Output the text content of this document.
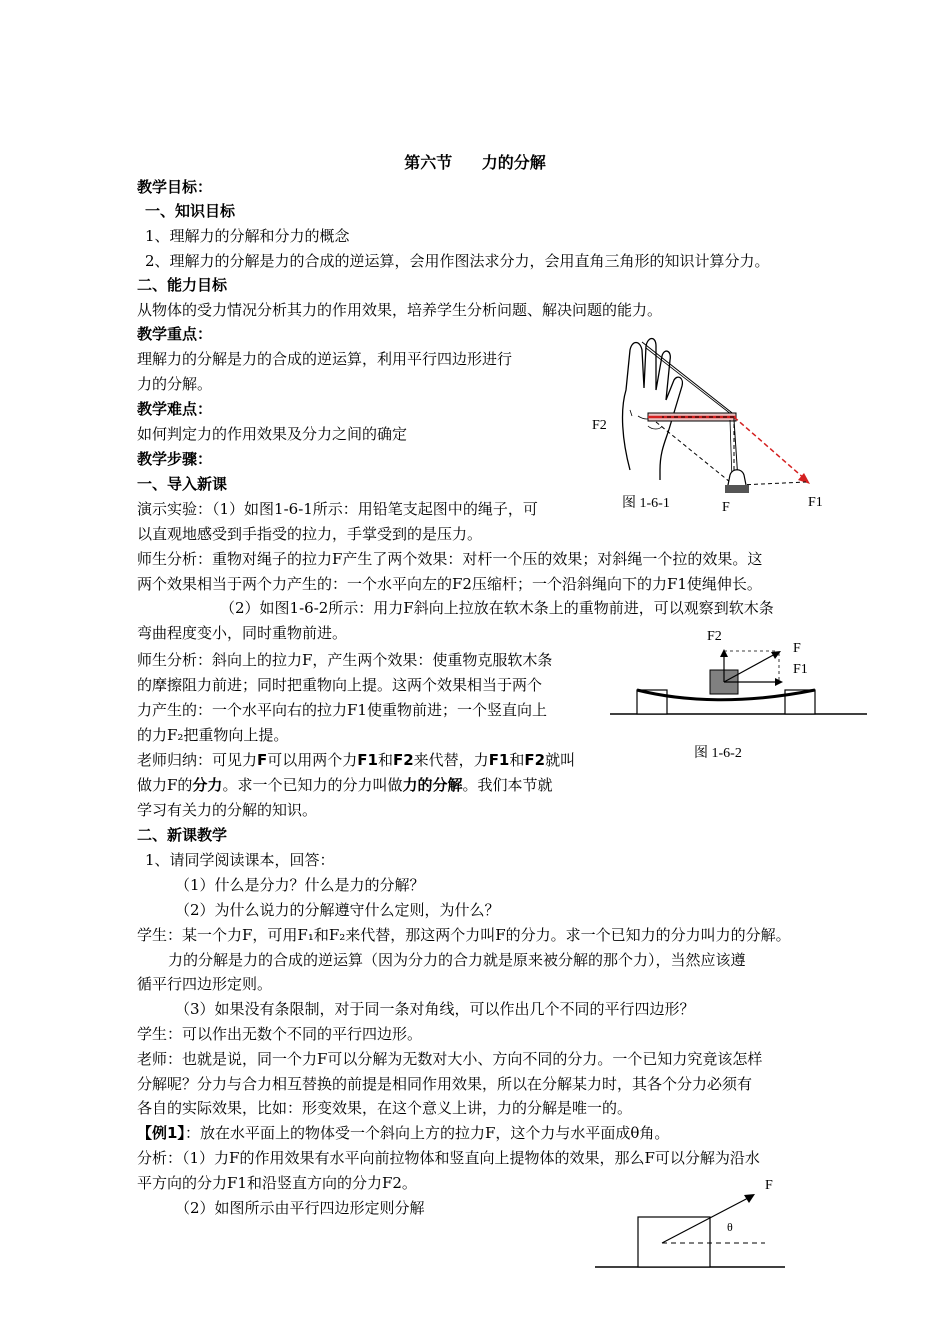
第六节 力的分解
教学目标：
一、知识目标
1、理解力的分解和分力的概念
2、理解力的分解是力的合成的逆运算，会用作图法求分力，会用直角三角形的知识计算分力。
二、能力目标
从物体的受力情况分析其力的作用效果，培养学生分析问题、解决问题的能力。
教学重点：
理解力的分解是力的合成的逆运算，利用平行四边形进行
力的分解。
教学难点：
如何判定力的作用效果及分力之间的确定
教学步骤：
一、导入新课
演示实验：（1）如图1-6-1所示：用铅笔支起图中的绳子，可
以直观地感受到手指受的拉力，手掌受到的是压力。
师生分析：重物对绳子的拉力F产生了两个效果：对杆一个压的效果；对斜绳一个拉的效果。这
两个效果相当于两个力产生的：一个水平向左的F2压缩杆；一个沿斜绳向下的力F1使绳伸长。
（2）如图1-6-2所示：用力F斜向上拉放在软木条上的重物前进，可以观察到软木条
弯曲程度变小，同时重物前进。
师生分析：斜向上的拉力F，产生两个效果：使重物克服软木条
的摩擦阻力前进；同时把重物向上提。这两个效果相当于两个
力产生的：一个水平向右的拉力F1使重物前进；一个竖直向上
的力F₂把重物向上提。
老师归纳：可见力F可以用两个力F1和F2来代替，力F1和F2就叫
做力F的分力。求一个已知力的分力叫做力的分解。我们本节就
学习有关力的分解的知识。
二、新课教学
1、请同学阅读课本，回答：
（1）什么是分力？什么是力的分解？
（2）为什么说力的分解遵守什么定则，为什么？
学生：某一个力F，可用F₁和F₂来代替，那这两个力叫F的分力。求一个已知力的分力叫力的分解。
力的分解是力的合成的逆运算（因为分力的合力就是原来被分解的那个力），当然应该遵
循平行四边形定则。
（3）如果没有条限制，对于同一条对角线，可以作出几个不同的平行四边形？
学生：可以作出无数个不同的平行四边形。
老师：也就是说，同一个力F可以分解为无数对大小、方向不同的分力。一个已知力究竟该怎样
分解呢？分力与合力相互替换的前提是相同作用效果，所以在分解某力时，其各个分力必须有
各自的实际效果，比如：形变效果，在这个意义上讲，力的分解是唯一的。
【例1】：放在水平面上的物体受一个斜向上方的拉力F，这个力与水平面成θ角。
分析：（1）力F的作用效果有水平向前拉物体和竖直向上提物体的效果，那么F可以分解为沿水
平方向的分力F1和沿竖直方向的分力F2。
（2）如图所示由平行四边形定则分解
F2
F	F1
图 1-6-1
F2
F
F1
图 1-6-2
F
θ
